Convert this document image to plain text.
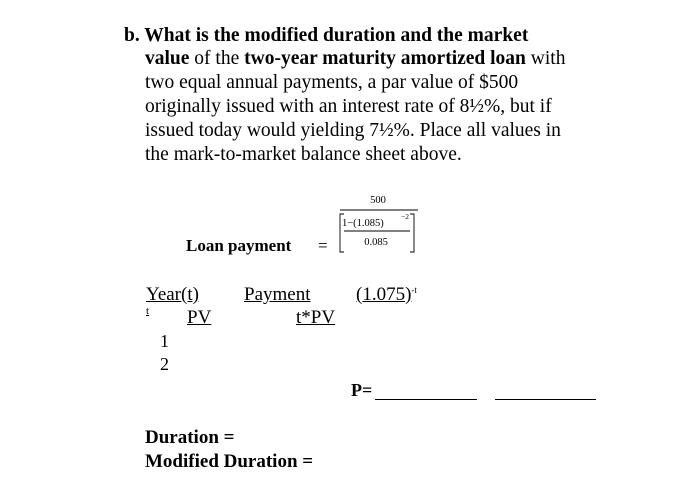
b. What is the modified duration and the market
value of the two-year maturity amortized loan with
two equal annual payments, a par value of $500
originally issued with an interest rate of 8½%, but if
issued today would yielding 7½%. Place all values in
the mark-to-market balance sheet above.
Loan payment =
500
1−(1.085)
−2
0.085
Year(t) Payment $(1.075)^{-t}$
t PV	t*PV
1
2
P=
Duration =
Modified Duration =
